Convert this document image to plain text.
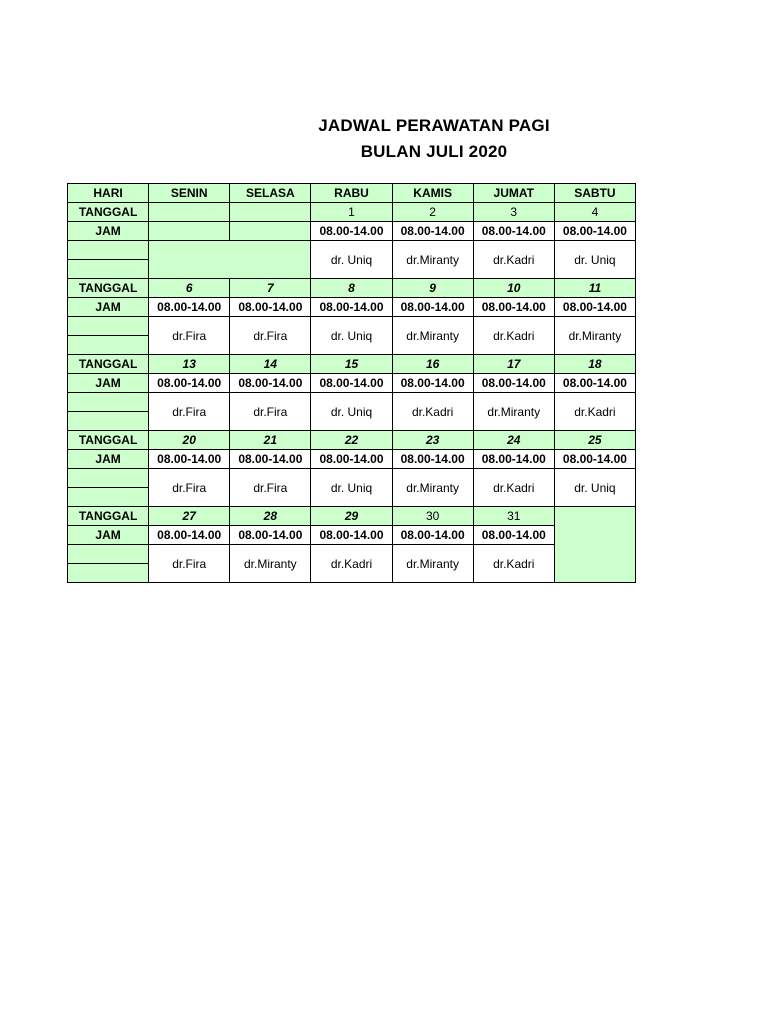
JADWAL PERAWATAN PAGI
BULAN JULI 2020
HARI	SENIN	SELASA	RABU	KAMIS	JUMAT	SABTU
TANGGAL			1	2	3	4
JAM			08.00-14.00	08.00-14.00	08.00-14.00	08.00-14.00
			dr. Uniq	dr.Miranty	dr.Kadri	dr. Uniq

TANGGAL	6	7	8	9	10	11
JAM	08.00-14.00	08.00-14.00	08.00-14.00	08.00-14.00	08.00-14.00	08.00-14.00
	dr.Fira	dr.Fira	dr. Uniq	dr.Miranty	dr.Kadri	dr.Miranty

TANGGAL	13	14	15	16	17	18
JAM	08.00-14.00	08.00-14.00	08.00-14.00	08.00-14.00	08.00-14.00	08.00-14.00
	dr.Fira	dr.Fira	dr. Uniq	dr.Kadri	dr.Miranty	dr.Kadri

TANGGAL	20	21	22	23	24	25
JAM	08.00-14.00	08.00-14.00	08.00-14.00	08.00-14.00	08.00-14.00	08.00-14.00
	dr.Fira	dr.Fira	dr. Uniq	dr.Miranty	dr.Kadri	dr. Uniq

TANGGAL	27	28	29	30	31	
JAM	08.00-14.00	08.00-14.00	08.00-14.00	08.00-14.00	08.00-14.00	
	dr.Fira	dr.Miranty	dr.Kadri	dr.Miranty	dr.Kadri	
